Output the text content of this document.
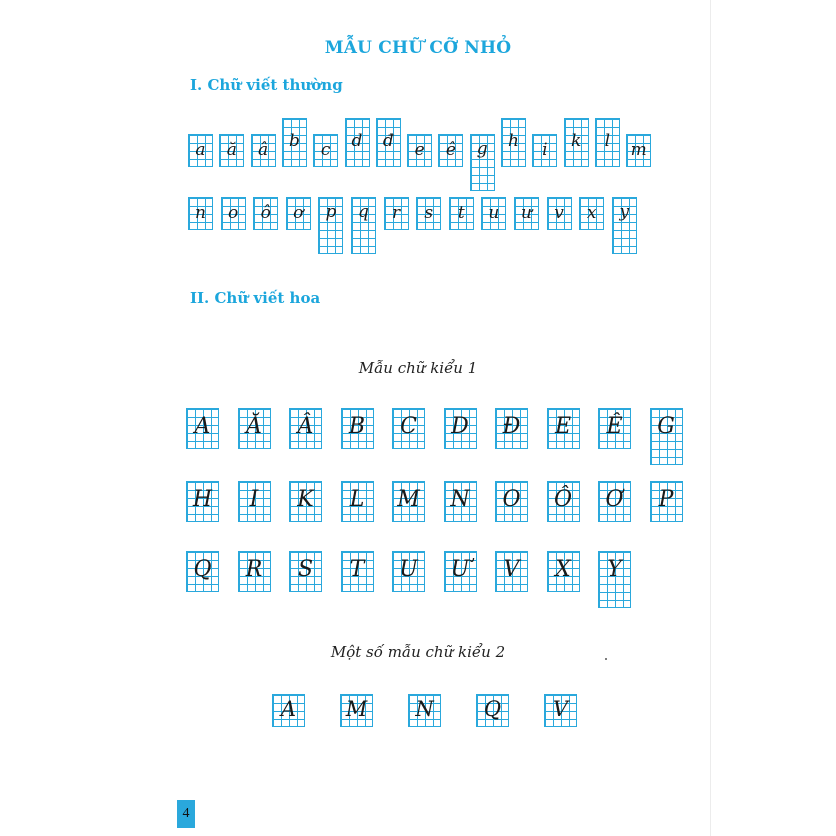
MẪU CHỮ CỠ NHỎ
I. Chữ viết thường
II. Chữ viết hoa
Mẫu chữ kiểu 1
Một số mẫu chữ kiểu 2
a	ă	â	b	c	d	đ	e	ê	g	h	i	k	l	m
n	o	ô	ơ	p	q	r	s	t	u	ư	v	x	y
A	Ă	Â	B	C	D	Đ	E	Ê	G
H	I	K	L	M N O Ô Ơ	P
Q	R	S	T	U Ư	V	X	Y
A	M	N	Q	V
4
